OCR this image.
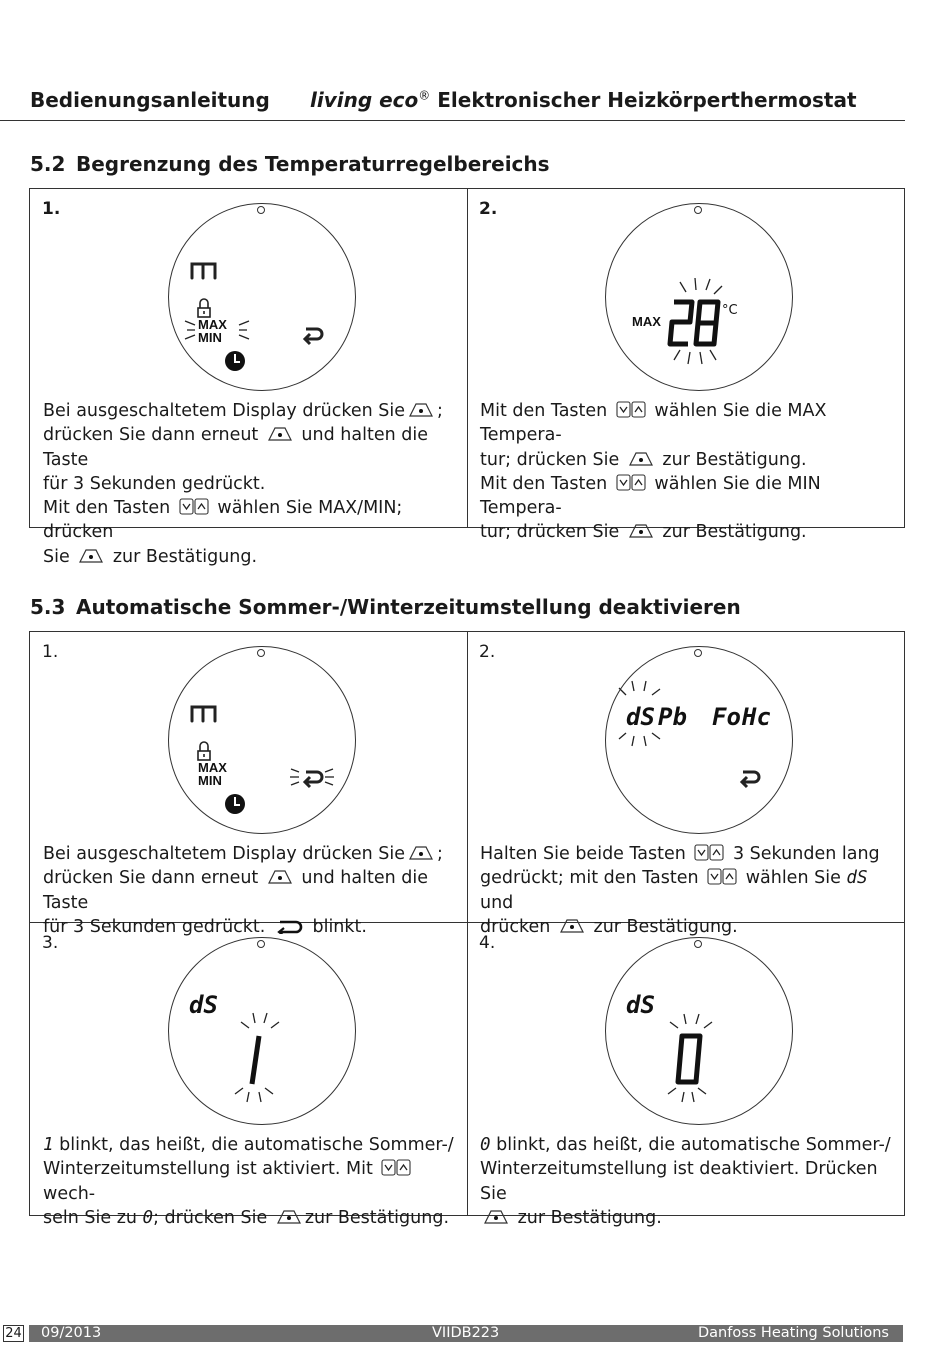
Bedienungsanleitung living eco® Elektronischer Heizkörperthermostat
5.2 Begrenzung des Temperaturregelbereichs
1.
MAX
MIN

Bei ausgeschaltetem Display drücken Sie ;

drücken Sie dann erneut  und halten die Taste

für 3 Sekunden gedrückt.

Mit den Tasten  wählen Sie MAX/MIN; drücken

Sie  zur Bestätigung.

2.
MAX
°C

Mit den Tasten  wählen Sie die MAX Tempera-

tur; drücken Sie  zur Bestätigung.

Mit den Tasten  wählen Sie die MIN Tempera-

tur; drücken Sie  zur Bestätigung.

5.3 Automatische Sommer-/Winterzeitumstellung deaktivieren
1.
MAX
MIN

Bei ausgeschaltetem Display drücken Sie ;

drücken Sie dann erneut  und halten die Taste

für 3 Sekunden gedrückt.  blinkt.

2.
dS Pb Fo Hc

Halten Sie beide Tasten  3 Sekunden lang

gedrückt; mit den Tasten  wählen Sie dS und

drücken  zur Bestätigung.

3.
dS

1 blinkt, das heißt, die automatische Sommer-/

Winterzeitumstellung ist aktiviert. Mit  wech-

seln Sie zu 0; drücken Sie zur Bestätigung.

4.
dS

0 blinkt, das heißt, die automatische Sommer-/

Winterzeitumstellung ist deaktiviert. Drücken Sie

zur Bestätigung.

24 09/2013	VIIDB223	Danfoss Heating Solutions
